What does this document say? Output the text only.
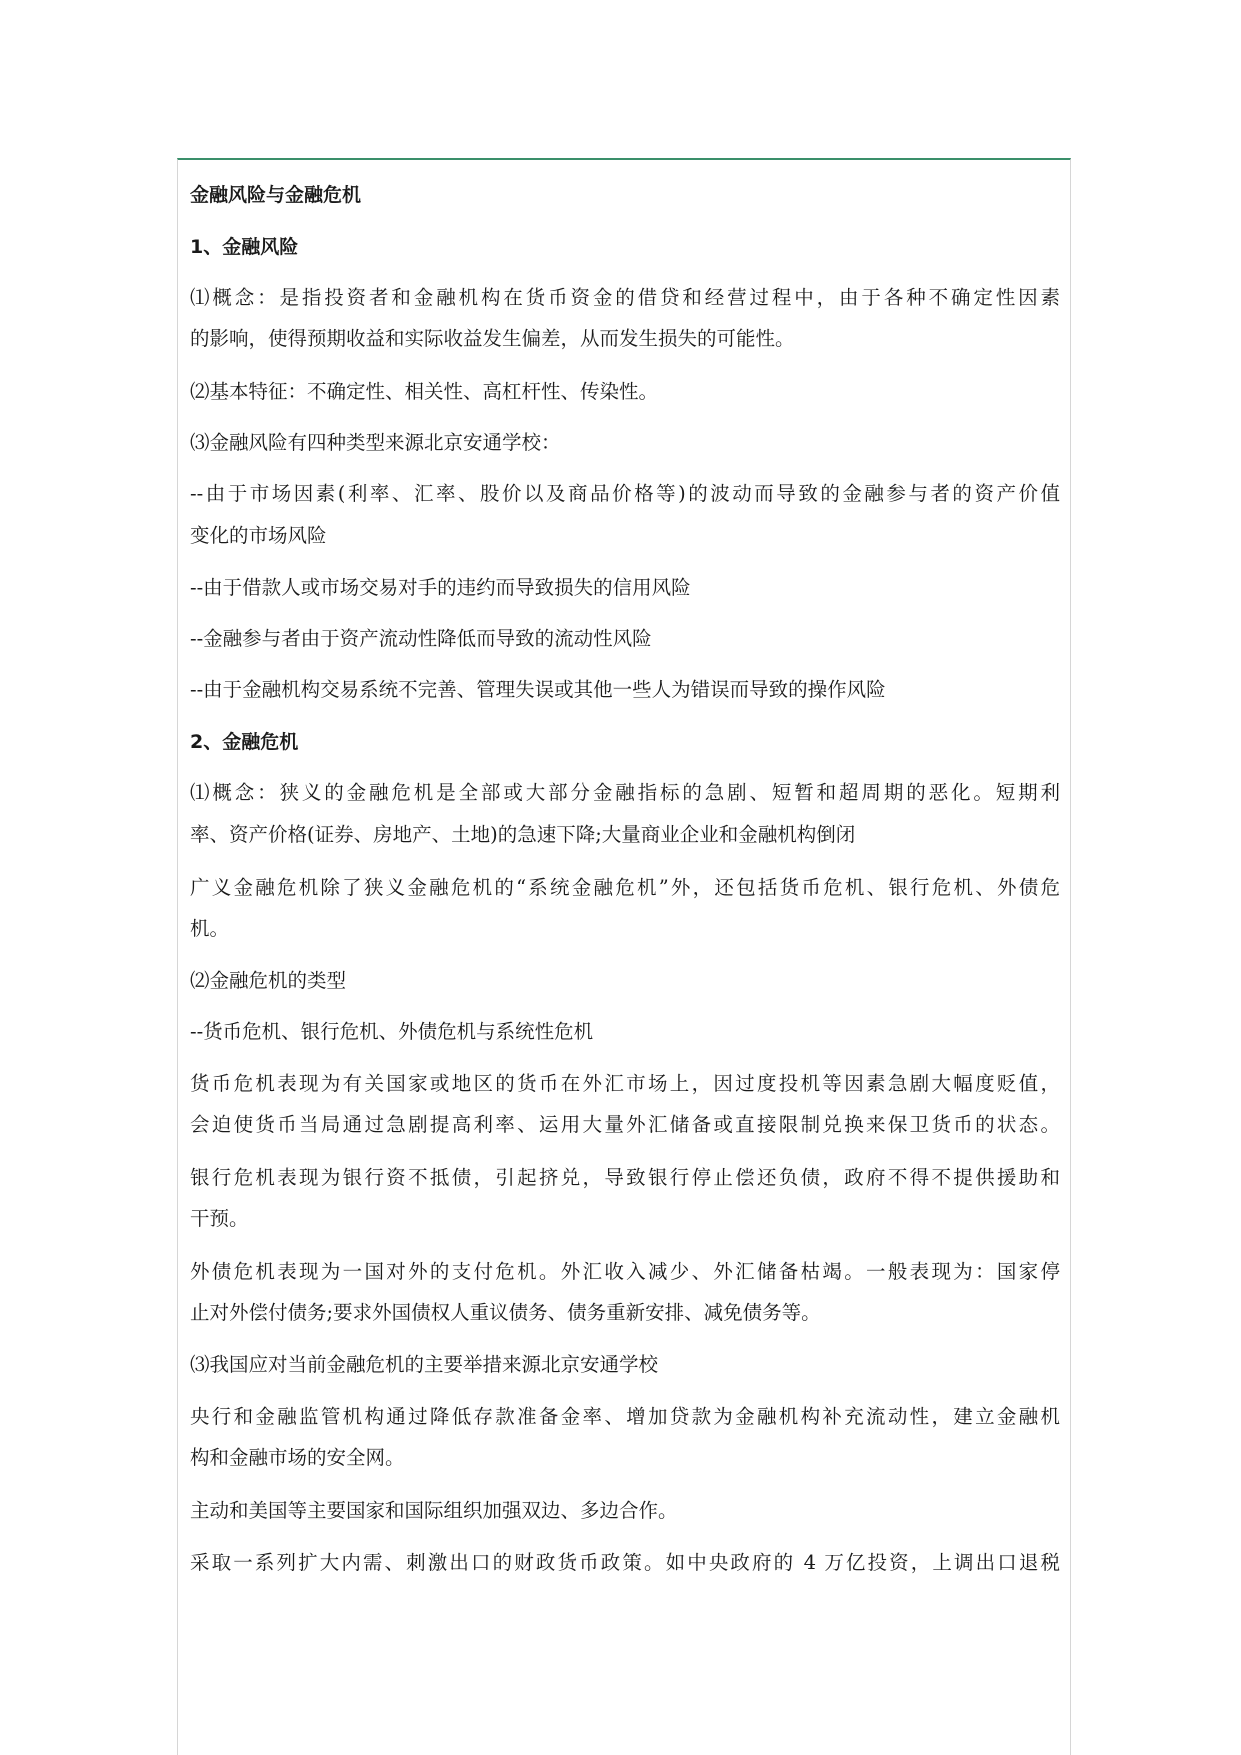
金融风险与金融危机
1、金融风险
⑴概念：是指投资者和金融机构在货币资金的借贷和经营过程中，由于各种不确定性因素
的影响，使得预期收益和实际收益发生偏差，从而发生损失的可能性。
⑵基本特征：不确定性、相关性、高杠杆性、传染性。
⑶金融风险有四种类型来源北京安通学校：
--由于市场因素(利率、汇率、股价以及商品价格等)的波动而导致的金融参与者的资产价值
变化的市场风险
--由于借款人或市场交易对手的违约而导致损失的信用风险
--金融参与者由于资产流动性降低而导致的流动性风险
--由于金融机构交易系统不完善、管理失误或其他一些人为错误而导致的操作风险
2、金融危机
⑴概念：狭义的金融危机是全部或大部分金融指标的急剧、短暂和超周期的恶化。短期利
率、资产价格(证券、房地产、土地)的急速下降;大量商业企业和金融机构倒闭
广义金融危机除了狭义金融危机的“系统金融危机”外，还包括货币危机、银行危机、外债危
机。
⑵金融危机的类型
--货币危机、银行危机、外债危机与系统性危机
货币危机表现为有关国家或地区的货币在外汇市场上，因过度投机等因素急剧大幅度贬值，
会迫使货币当局通过急剧提高利率、运用大量外汇储备或直接限制兑换来保卫货币的状态。
银行危机表现为银行资不抵债，引起挤兑，导致银行停止偿还负债，政府不得不提供援助和
干预。
外债危机表现为一国对外的支付危机。外汇收入减少、外汇储备枯竭。一般表现为：国家停
止对外偿付债务;要求外国债权人重议债务、债务重新安排、减免债务等。
⑶我国应对当前金融危机的主要举措来源北京安通学校
央行和金融监管机构通过降低存款准备金率、增加贷款为金融机构补充流动性，建立金融机
构和金融市场的安全网。
主动和美国等主要国家和国际组织加强双边、多边合作。
采取一系列扩大内需、刺激出口的财政货币政策。如中央政府的 4 万亿投资，上调出口退税
